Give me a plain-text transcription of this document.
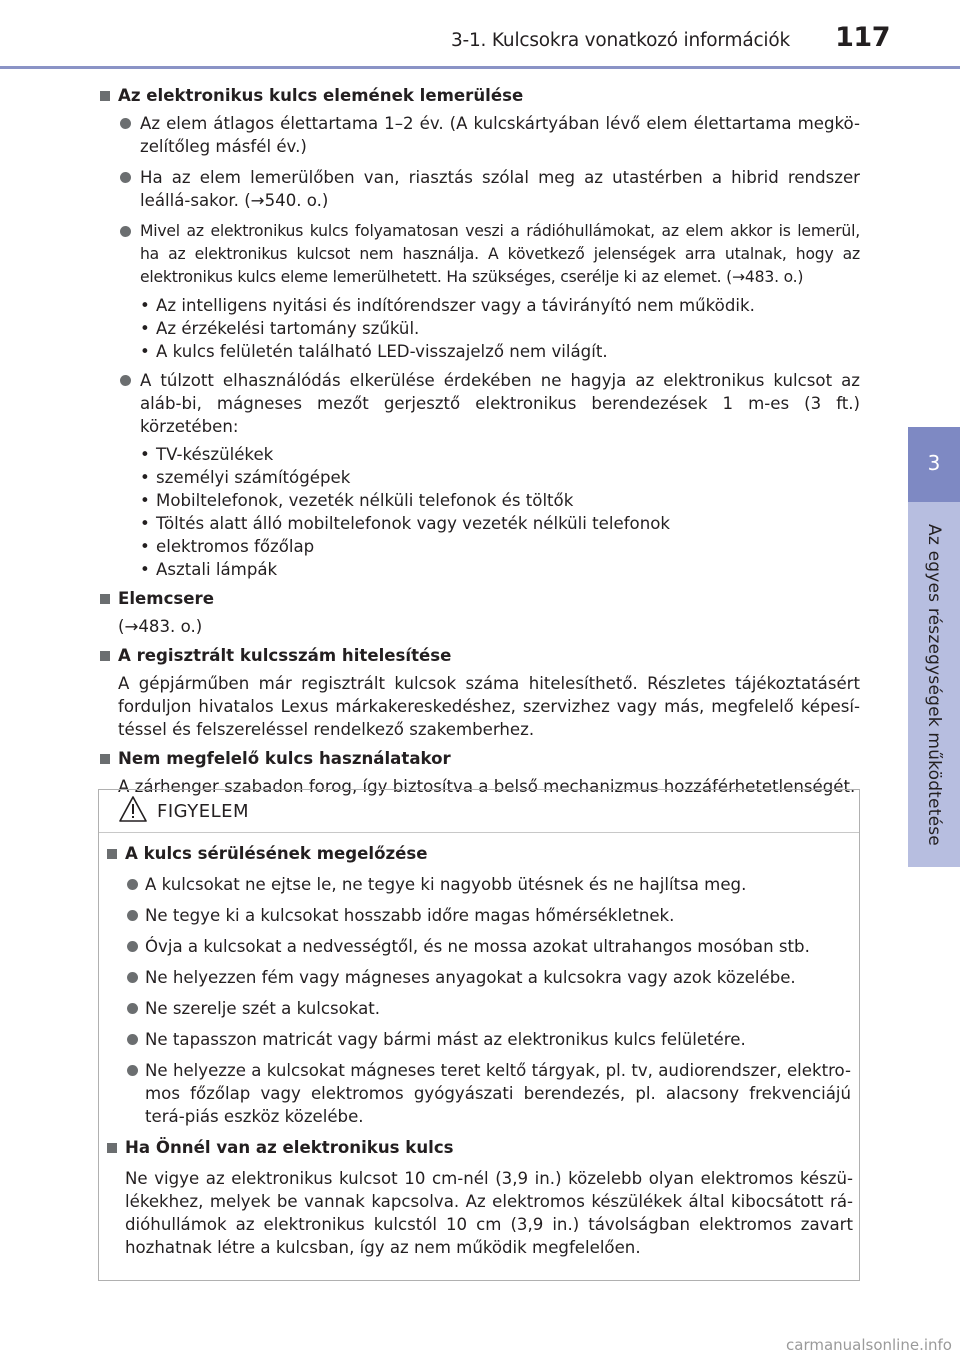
3-1. Kulcsokra vonatkozó információk 117
3
Az egyes részegységek működtetése
Az elektronikus kulcs elemének lemerülése
Az elem átlagos élettartama 1–2 év. (A kulcskártyában lévő elem élettartama megkö-zelítőleg másfél év.)
Ha az elem lemerülőben van, riasztás szólal meg az utastérben a hibrid rendszer leállá-sakor. (→540. o.)
Mivel az elektronikus kulcs folyamatosan veszi a rádióhullámokat, az elem akkor is lemerül, ha az elektronikus kulcsot nem használja. A következő jelenségek arra utalnak, hogy az elektronikus kulcs eleme lemerülhetett. Ha szükséges, cserélje ki az elemet. (→483. o.)
• Az intelligens nyitási és indítórendszer vagy a távirányító nem működik.
• Az érzékelési tartomány szűkül.
• A kulcs felületén található LED-visszajelző nem világít.
A túlzott elhasználódás elkerülése érdekében ne hagyja az elektronikus kulcsot az aláb-bi, mágneses mezőt gerjesztő elektronikus berendezések 1 m-es (3 ft.) körzetében:
• TV-készülékek
• személyi számítógépek
• Mobiltelefonok, vezeték nélküli telefonok és töltők
• Töltés alatt álló mobiltelefonok vagy vezeték nélküli telefonok
• elektromos főzőlap
• Asztali lámpák
Elemcsere
(→483. o.)
A regisztrált kulcsszám hitelesítése
A gépjárműben már regisztrált kulcsok száma hitelesíthető. Részletes tájékoztatásért forduljon hivatalos Lexus márkakereskedéshez, szervizhez vagy más, megfelelő képesí-téssel és felszereléssel rendelkező szakemberhez.
Nem megfelelő kulcs használatakor
A zárhenger szabadon forog, így biztosítva a belső mechanizmus hozzáférhetetlenségét.
FIGYELEM
A kulcs sérülésének megelőzése
A kulcsokat ne ejtse le, ne tegye ki nagyobb ütésnek és ne hajlítsa meg.
Ne tegye ki a kulcsokat hosszabb időre magas hőmérsékletnek.
Óvja a kulcsokat a nedvességtől, és ne mossa azokat ultrahangos mosóban stb.
Ne helyezzen fém vagy mágneses anyagokat a kulcsokra vagy azok közelébe.
Ne szerelje szét a kulcsokat.
Ne tapasszon matricát vagy bármi mást az elektronikus kulcs felületére.
Ne helyezze a kulcsokat mágneses teret keltő tárgyak, pl. tv, audiorendszer, elektro-mos főzőlap vagy elektromos gyógyászati berendezés, pl. alacsony frekvenciájú terá-piás eszköz közelébe.
Ha Önnél van az elektronikus kulcs
Ne vigye az elektronikus kulcsot 10 cm-nél (3,9 in.) közelebb olyan elektromos készü-lékekhez, melyek be vannak kapcsolva. Az elektromos készülékek által kibocsátott rá-dióhullámok az elektronikus kulcstól 10 cm (3,9 in.) távolságban elektromos zavart hozhatnak létre a kulcsban, így az nem működik megfelelően.
carmanualsonline.info
